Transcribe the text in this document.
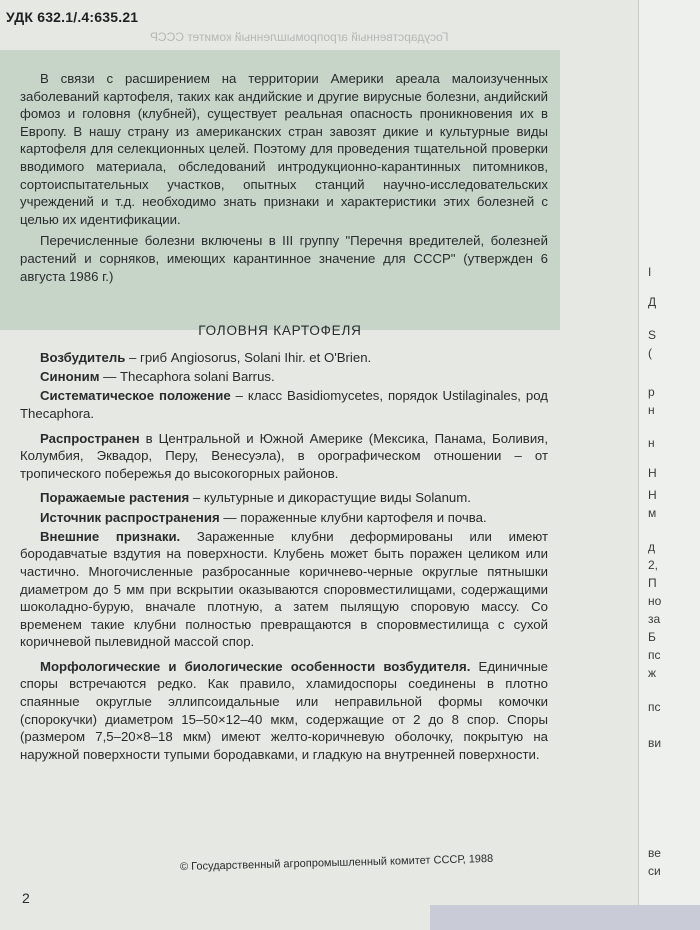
УДК 632.1/.4:635.21
Государственный агропромышленный комитет СССР

В связи с расширением на территории Америки ареала малоизученных заболеваний картофеля, таких как андийские и другие вирусные болезни, андийский фомоз и головня (клубней), существует реальная опасность проникновения их в Европу. В нашу страну из американских стран завозят дикие и культурные виды картофеля для селекционных целей. Поэтому для проведения тщательной проверки вводимого материала, обследований интродукционно-карантинных питомников, сортоиспытательных участков, опытных станций научно-исследовательских учреждений и т.д. необходимо знать признаки и характеристики этих болезней с целью их идентификации.

Перечисленные болезни включены в III группу "Перечня вредителей, болезней растений и сорняков, имеющих карантинное значение для СССР" (утвержден 6 августа 1986 г.)

ГОЛОВНЯ КАРТОФЕЛЯ

Возбудитель – гриб Angiosorus, Solani Ihir. et O'Brien.

Синоним — Thecaphora solani Barrus.

Систематическое положение – класс Basidiomycetes, порядок Ustilaginales, род Thecaphora.

Распространен в Центральной и Южной Америке (Мексика, Панама, Боливия, Колумбия, Эквадор, Перу, Венесуэла), в орографическом отношении – от тропического побережья до высокогорных районов.

Поражаемые растения – культурные и дикорастущие виды Solanum.

Источник распространения — пораженные клубни картофеля и почва.

Внешние признаки. Зараженные клубни деформированы или имеют бородавчатые вздутия на поверхности. Клубень может быть поражен целиком или частично. Многочисленные разбросанные коричнево-черные округлые пятнышки диаметром до 5 мм при вскрытии оказываются споровместилищами, содержащими шоколадно-бурую, вначале плотную, а затем пылящую споровую массу. Со временем такие клубни полностью превращаются в споровместилища с сухой коричневой пылевидной массой спор.

Морфологические и биологические особенности возбудителя. Единичные споры встречаются редко. Как правило, хламидоспоры соединены в плотно спаянные округлые эллипсоидальные или неправильной формы комочки (спорокучки) диаметром 15–50×12–40 мкм, содержащие от 2 до 8 спор. Споры (размером 7,5–20×8–18 мкм) имеют желто-коричневую оболочку, покрытую на наружной поверхности тупыми бородавками, и гладкую на внутренней поверхности.

© Государственный агропромышленный комитет СССР, 1988
2
I
Д
S
(
р
н
н
Н
Н
м
д
2,
П
но
за
Б
пс
ж
пс
ви
ве
си
